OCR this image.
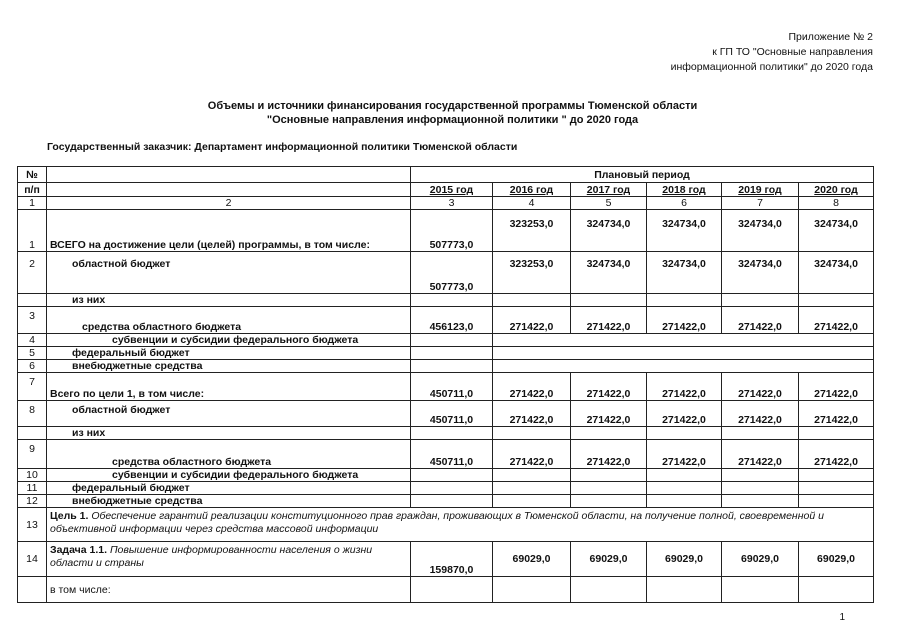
Приложение № 2
к ГП ТО "Основные направления
информационной политики" до 2020 года
Объемы и источники финансирования государственной программы Тюменской области
"Основные направления информационной политики " до 2020 года
Государственный заказчик: Департамент информационной политики Тюменской области
№		Плановый период					
п/п		2015 год	2016 год	2017 год	2018 год	2019 год	2020 год
1	2	3	4	5	6	7	8
1	ВСЕГО на достижение цели (целей) программы, в том числе:	507773,0	323253,0	324734,0	324734,0	324734,0	324734,0
2	областной бюджет	507773,0	323253,0	324734,0	324734,0	324734,0	324734,0
	из них						
3	средства областного бюджета	456123,0	271422,0	271422,0	271422,0	271422,0	271422,0
4	субвенции и субсидии федерального бюджета						
5	федеральный бюджет						
6	внебюджетные средства						
7	Всего по цели 1, в том числе:	450711,0	271422,0	271422,0	271422,0	271422,0	271422,0
8	областной бюджет	450711,0	271422,0	271422,0	271422,0	271422,0	271422,0
	из них						
9	средства областного бюджета	450711,0	271422,0	271422,0	271422,0	271422,0	271422,0
10	субвенции и субсидии федерального бюджета						
11	федеральный бюджет						
12	внебюджетные средства						
13	Цель 1. Обеспечение гарантий реализации конституционного прав граждан, проживающих в Тюменской области, на получение полной, своевременной и объективной информации через средства массовой информации						
14	Задача 1.1. Повышение информированности населения о жизни области и страны	159870,0	69029,0	69029,0	69029,0	69029,0	69029,0
	в том числе:						
1
